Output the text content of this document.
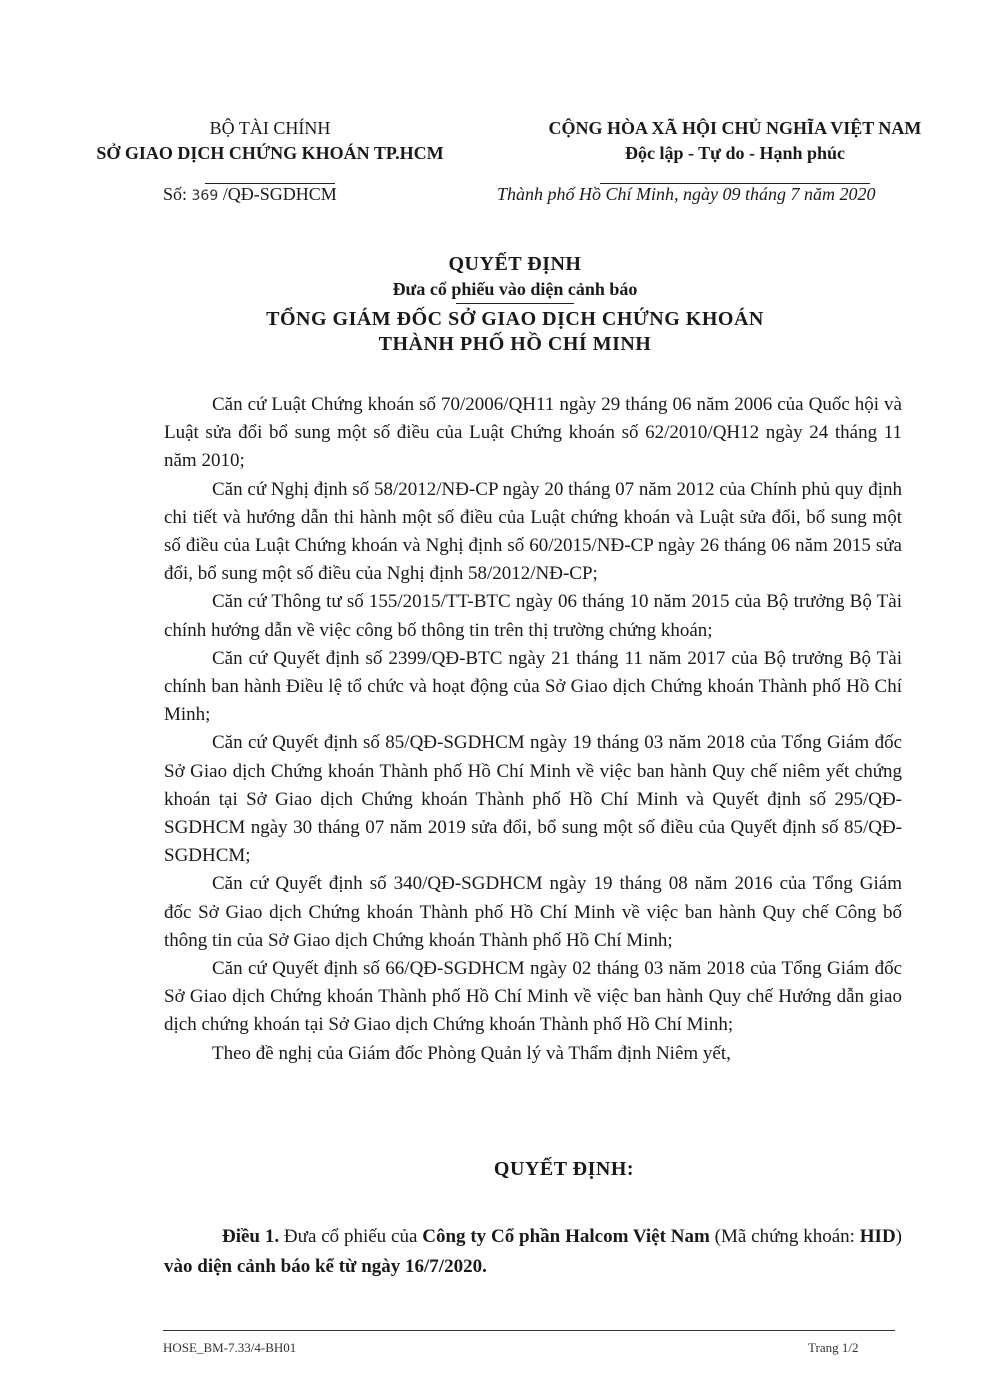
BỘ TÀI CHÍNH
SỞ GIAO DỊCH CHỨNG KHOÁN TP.HCM
Số: 369 /QĐ-SGDHCM
CỘNG HÒA XÃ HỘI CHỦ NGHĨA VIỆT NAM
Độc lập - Tự do - Hạnh phúc
Thành phố Hồ Chí Minh, ngày 09 tháng 7 năm 2020
QUYẾT ĐỊNH
Đưa cổ phiếu vào diện cảnh báo
TỔNG GIÁM ĐỐC SỞ GIAO DỊCH CHỨNG KHOÁN
THÀNH PHỐ HỒ CHÍ MINH

Căn cứ Luật Chứng khoán số 70/2006/QH11 ngày 29 tháng 06 năm 2006 của Quốc hội và Luật sửa đổi bổ sung một số điều của Luật Chứng khoán số 62/2010/QH12 ngày 24 tháng 11 năm 2010;

Căn cứ Nghị định số 58/2012/NĐ-CP ngày 20 tháng 07 năm 2012 của Chính phủ quy định chi tiết và hướng dẫn thi hành một số điều của Luật chứng khoán và Luật sửa đổi, bổ sung một số điều của Luật Chứng khoán và Nghị định số 60/2015/NĐ-CP ngày 26 tháng 06 năm 2015 sửa đổi, bổ sung một số điều của Nghị định 58/2012/NĐ-CP;

Căn cứ Thông tư số 155/2015/TT-BTC ngày 06 tháng 10 năm 2015 của Bộ trưởng Bộ Tài chính hướng dẫn về việc công bố thông tin trên thị trường chứng khoán;

Căn cứ Quyết định số 2399/QĐ-BTC ngày 21 tháng 11 năm 2017 của Bộ trưởng Bộ Tài chính ban hành Điều lệ tổ chức và hoạt động của Sở Giao dịch Chứng khoán Thành phố Hồ Chí Minh;

Căn cứ Quyết định số 85/QĐ-SGDHCM ngày 19 tháng 03 năm 2018 của Tổng Giám đốc Sở Giao dịch Chứng khoán Thành phố Hồ Chí Minh về việc ban hành Quy chế niêm yết chứng khoán tại Sở Giao dịch Chứng khoán Thành phố Hồ Chí Minh và Quyết định số 295/QĐ-SGDHCM ngày 30 tháng 07 năm 2019 sửa đổi, bổ sung một số điều của Quyết định số 85/QĐ-SGDHCM;

Căn cứ Quyết định số 340/QĐ-SGDHCM ngày 19 tháng 08 năm 2016 của Tổng Giám đốc Sở Giao dịch Chứng khoán Thành phố Hồ Chí Minh về việc ban hành Quy chế Công bố thông tin của Sở Giao dịch Chứng khoán Thành phố Hồ Chí Minh;

Căn cứ Quyết định số 66/QĐ-SGDHCM ngày 02 tháng 03 năm 2018 của Tổng Giám đốc Sở Giao dịch Chứng khoán Thành phố Hồ Chí Minh về việc ban hành Quy chế Hướng dẫn giao dịch chứng khoán tại Sở Giao dịch Chứng khoán Thành phố Hồ Chí Minh;

Theo đề nghị của Giám đốc Phòng Quản lý và Thẩm định Niêm yết,

QUYẾT ĐỊNH:

Điều 1. Đưa cổ phiếu của Công ty Cổ phần Halcom Việt Nam (Mã chứng khoán: HID) vào diện cảnh báo kể từ ngày 16/7/2020.

HOSE_BM-7.33/4-BH01	Trang 1/2
